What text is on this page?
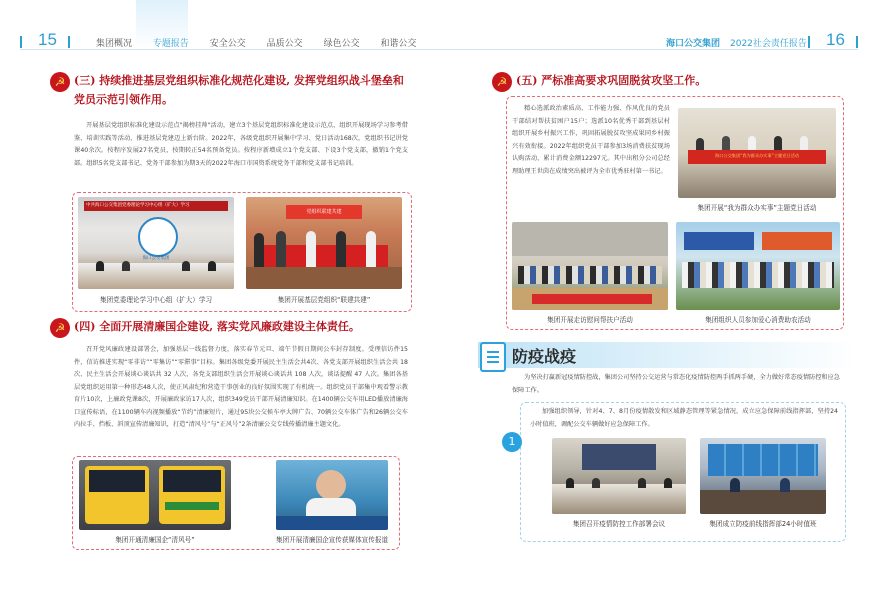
15	集团概况 专题报告 安全公交 品质公交 绿色公交 和谐公交	海口公交集团 2022社会责任报告 16
☭ (三) 持续推进基层党组织标准化规范化建设, 发挥党组织战斗堡垒和
党员示范引领作用。
开展基层党组织标准化建设示范点"揭榜挂帅"活动，建立3个基层党组织标准化建设示范点，组织开展现场学习参考借鉴、培训实践等活动，推进基层党建迈上新台阶。2022年，各级党组织开展集中学习、党日活动168次，党组织书记讲党课40余次。按程序发展27名党员，按期转正54名预备党员。按程序新增成立1个党支部、下设3个党支部，撤销1个党支部。组织5名党支部书记、党务干部参加为期3天的2022年海口市国资系统党务干部和党支部书记培训。
中共海口公交集团党委理论学习中心组（扩大）学习
海口公交集团
党组织联建共建
集团党委理论学习中心组（扩大）学习	集团开展基层党组织“联建共建”
☭ (四) 全面开展清廉国企建设, 落实党风廉政建设主体责任。
召开党风廉政建设部署会，加强基层一线监督力度，落实春节元旦、端午节假日期间公车封存制度。受理信访件15件，信访推进实现“零非访”“零集访”“零滞事”目标。集团各级党委开展民主生活会共4次、各党支部开展组织生活会共 18 次、民主生活会开展谈心谈话共 32 人次，各党支部组织生活会开展谈心谈话共 108 人次，谈话提醒 47 人次。集团各基层党组织运用第一种形态48人次，使正风肃纪和营造干事创业的良好氛围实现了有机统一。组织党员干部集中观看警示教育片10次，上廉政党课8次，开展廉政家访17人次，组织349党员干部开展清廉知识。在1400辆公交车用LED播放清廉海口宣传标语，在1100辆车内视频播放“节约”清廉短片，通过95块公交候车亭大牌广告、70辆公交车体广告和26辆公交车内拉手、挡板、斜顶宣传清廉知识，打造“清风号”与“正风号”2条清廉公交专线传播清廉主题文化。
集团开通清廉国企“清风号”	集团开展清廉国企宣传获媒体宣传报道
☭ (五) 严标准高要求巩固脱贫攻坚工作。
精心选派政治素质高、工作能力强、作风优良的党员干部结对帮扶贫困户15户；选派10名优秀干部到基层村组织开展乡村振兴工作，巩固拓展脱贫攻坚成果同乡村振兴有效衔接。2022年组织党员干部参加3场消费扶贫现场认购活动，累计消费金额12297元。其中出租分公司总经理助理王世茵在成绩突出被评为全市优秀驻村第一书记。
海口公交集团“我为群众办实事”主题党日活动
集团开展“我为群众办实事”主题党日活动
集团开展走访慰问帮扶户活动	集团组织人员参加爱心消费助农活动
防疫战疫
为坚决打赢新冠疫情防控战，集团公司坚持公交运营与常态化疫情防控两手抓两手硬，全力做好常态疫情防控和应急保障工作。
1
加强组织领导，针对4、7、8月份疫情散发和区域静态管理等紧急情况，成立应急保障前线指挥部，坚持24小时值班，调配公交车辆做好应急保障工作。
集团召开疫情防控工作部署会议	集团成立防疫前线指挥部24小时值班
